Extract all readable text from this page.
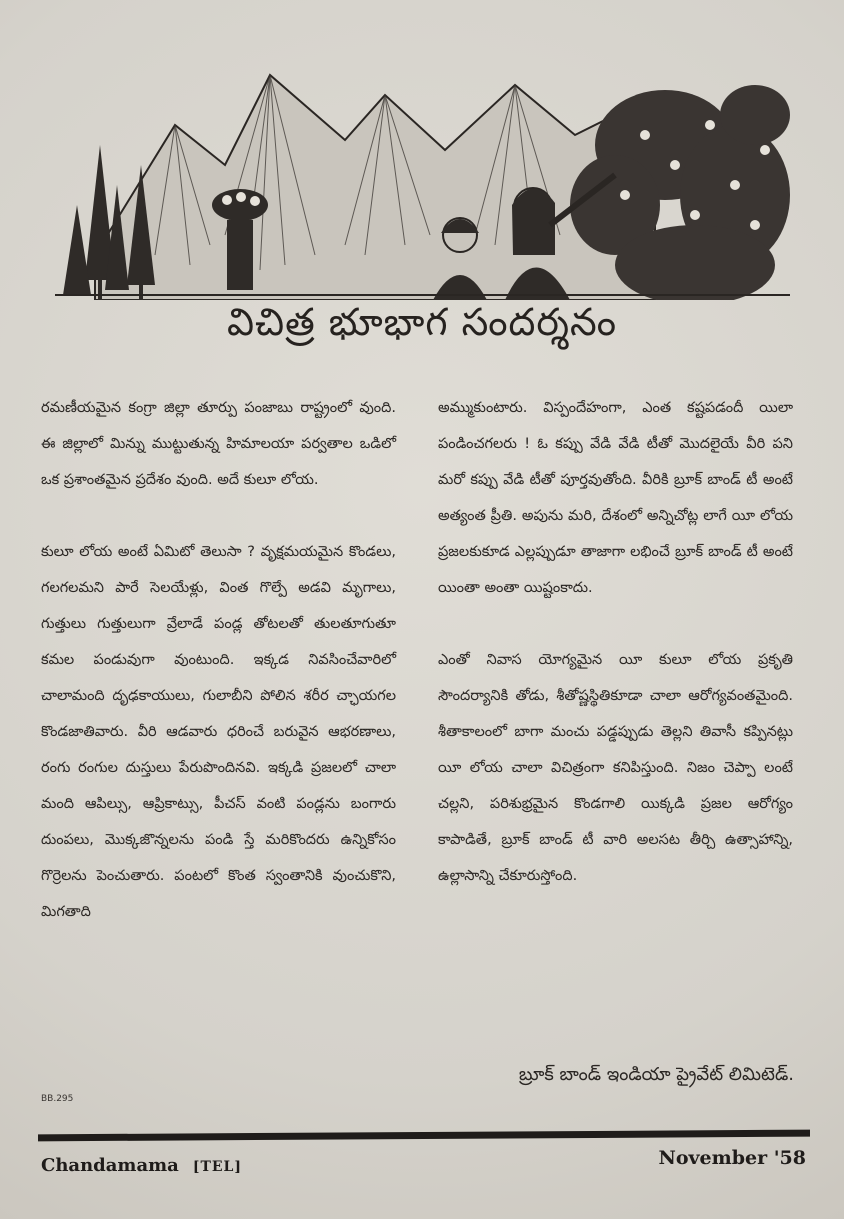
విచిత్ర భూభాగ సందర్శనం

రమణీయమైన కంగ్రా జిల్లా తూర్పు పంజాబు రాష్ట్రంలో వుంది. ఈ జిల్లాలో మిన్ను ముట్టుతున్న హిమాలయా పర్వతాల ఒడిలో ఒక ప్రశాంతమైన ప్రదేశం వుంది. అదే కులూ లోయ.

కులూ లోయ అంటే ఏమిటో తెలుసా ? వృక్షమయమైన కొండలు, గలగలమని పారే సెలయేళ్లు, వింత గొల్పే అడవి మృగాలు, గుత్తులు గుత్తులుగా వ్రేలాడే పండ్ల తోటలతో తులతూగుతూ కమల పండువుగా వుంటుంది. ఇక్కడ నివసించేవారిలో చాలామంది దృఢకాయులు, గులాబీని పోలిన శరీర చ్ఛాయగల కొండజాతివారు. వీరి ఆడవారు ధరించే బరువైన ఆభరణాలు, రంగు రంగుల దుస్తులు పేరుపొందినవి. ఇక్కడి ప్రజలలో చాలా మంది ఆపిల్సు, ఆప్రికాట్సు, పీచస్ వంటి పండ్లను బంగారు దుంపలు, మొక్కజొన్నలను పండి స్తే మరికొందరు ఉన్నికోసం గొర్రెలను పెంచుతారు. పంటలో కొంత స్వంతానికి వుంచుకొని, మిగతాది

అమ్ముకుంటారు. విస్పందేహంగా, ఎంత కష్టపడందీ యిలా పండించగలరు ! ఓ కప్పు వేడి వేడి టీతో మొదలైయే వీరి పని మరో కప్పు వేడి టీతో పూర్తవుతోంది. వీరికి బ్రూక్ బాండ్ టీ అంటే అత్యంత ప్రీతి. అపును మరి, దేశంలో అన్నిచోట్ల లాగే యీ లోయ ప్రజలకుకూడ ఎల్లప్పుడూ తాజాగా లభించే బ్రూక్ బాండ్ టీ అంటే యింతా అంతా యిష్టంకాదు.

ఎంతో నివాస యోగ్యమైన యీ కులూ లోయ ప్రకృతి సౌందర్యానికి తోడు, శీతోష్ణస్థితికూడా చాలా ఆరోగ్యవంతమైంది. శీతాకాలంలో బాగా మంచు పడ్డప్పుడు తెల్లని తివాసీ కప్పినట్లు యీ లోయ చాలా విచిత్రంగా కనిపిస్తుంది. నిజం చెప్పా లంటే చల్లని, పరిశుభ్రమైన కొండగాలి యిక్కడి ప్రజల ఆరోగ్యం కాపాడితే, బ్రూక్ బాండ్ టీ వారి అలసట తీర్చి ఉత్సాహాన్ని, ఉల్లాసాన్ని చేకూరుస్తోంది.

బ్రూక్ బాండ్ ఇండియా ప్రైవేట్ లిమిటెడ్.
BB.295
Chandamama [TEL]	November '58
